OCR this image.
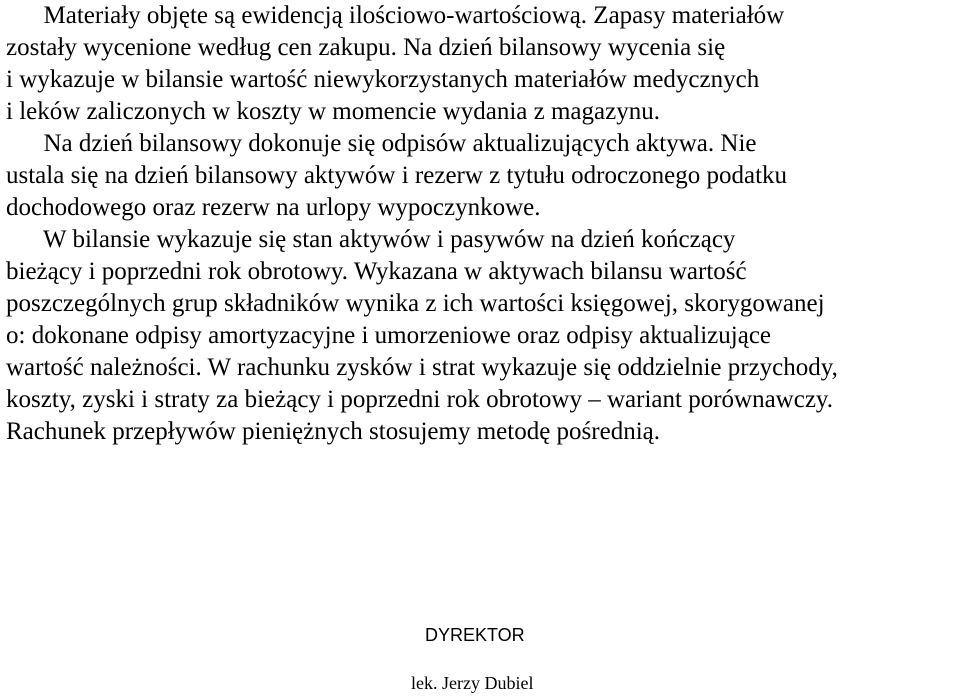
Materiały objęte są ewidencją ilościowo-wartościową. Zapasy materiałów
zostały wycenione według cen zakupu. Na dzień bilansowy wycenia się
i wykazuje w bilansie wartość niewykorzystanych materiałów medycznych
i leków zaliczonych w koszty w momencie wydania z magazynu.
Na dzień bilansowy dokonuje się odpisów aktualizujących aktywa. Nie
ustala się na dzień bilansowy aktywów i rezerw z tytułu odroczonego podatku
dochodowego oraz rezerw na urlopy wypoczynkowe.
W bilansie wykazuje się stan aktywów i pasywów na dzień kończący
bieżący i poprzedni rok obrotowy. Wykazana w aktywach bilansu wartość
poszczególnych grup składników wynika z ich wartości księgowej, skorygowanej
o: dokonane odpisy amortyzacyjne i umorzeniowe oraz odpisy aktualizujące
wartość należności. W rachunku zysków i strat wykazuje się oddzielnie przychody,
koszty, zyski i straty za bieżący i poprzedni rok obrotowy – wariant porównawczy.
Rachunek przepływów pieniężnych stosujemy metodę pośrednią.
DYREKTOR
lek. Jerzy Dubiel
